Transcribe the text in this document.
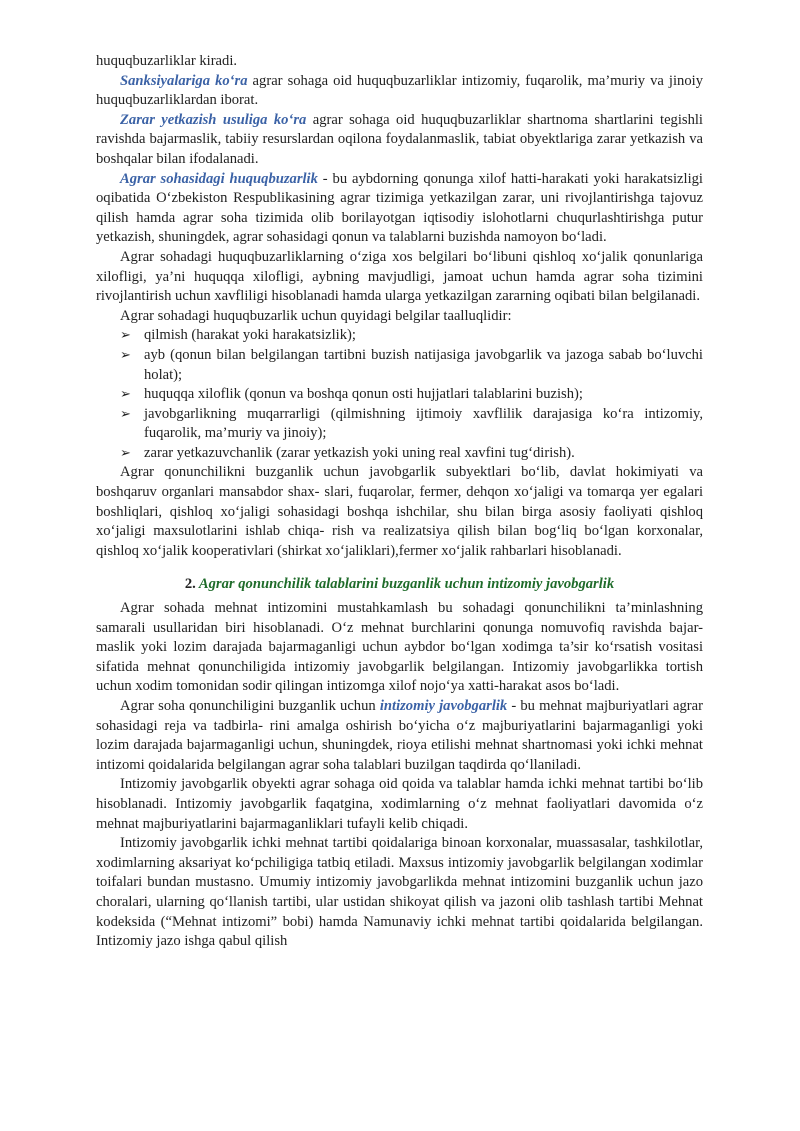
huquqbuzarliklar kiradi.

Sanksiyalariga ko‘ra agrar sohaga oid huquqbuzarliklar intizomiy, fuqarolik, ma’muriy va jinoiy huquqbuzarliklardan iborat.

Zarar yetkazish usuliga ko‘ra agrar sohaga oid huquqbuzarliklar shartnoma shartlarini tegishli ravishda bajarmaslik, tabiiy resurslardan oqilona foydalanmaslik, tabiat obyektlariga zarar yetkazish va boshqalar bilan ifodalanadi.

Agrar sohasidagi huquqbuzarlik - bu aybdorning qonunga xilof hatti-harakati yoki harakatsizligi oqibatida O‘zbekiston Respublikasining agrar tizimiga yetkazilgan zarar, uni rivojlantirishga tajovuz qilish hamda agrar soha tizimida olib borilayotgan iqtisodiy islohotlarni chuqurlashtirishga putur yetkazish, shuningdek, agrar sohasidagi qonun va talablarni buzishda namoyon bo‘ladi.

Agrar sohadagi huquqbuzarliklarning o‘ziga xos belgilari bo‘libuni qishloq xo‘jalik qonunlariga xilofligi, ya’ni huquqqa xilofligi, aybning mavjudligi, jamoat uchun hamda agrar soha tizimini rivojlantirish uchun xavfliligi hisoblanadi hamda ularga yetkazilgan zararning oqibati bilan belgilanadi.

Agrar sohadagi huquqbuzarlik uchun quyidagi belgilar taalluqlidir:

➢ qilmish (harakat yoki harakatsizlik);
➢ ayb (qonun bilan belgilangan tartibni buzish natijasiga javobgarlik va jazoga sabab bo‘luvchi holat);
➢ huquqqa xiloflik (qonun va boshqa qonun osti hujjatlari talablarini buzish);
➢ javobgarlikning muqarrarligi (qilmishning ijtimoiy xavflilik darajasiga ko‘ra intizomiy, fuqarolik, ma’muriy va jinoiy);
➢ zarar yetkazuvchanlik (zarar yetkazish yoki uning real xavfini tug‘dirish).

Agrar qonunchilikni buzganlik uchun javobgarlik subyektlari bo‘lib, davlat hokimiyati va boshqaruv organlari mansabdor shax- slari, fuqarolar, fermer, dehqon xo‘jaligi va tomarqa yer egalari boshliqlari, qishloq xo‘jaligi sohasidagi boshqa ishchilar, shu bilan birga asosiy faoliyati qishloq xo‘jaligi maxsulotlarini ishlab chiqa- rish va realizatsiya qilish bilan bog‘liq bo‘lgan korxonalar, qishloq xo‘jalik kooperativlari (shirkat xo‘jaliklari),fermer xo‘jalik rahbarlari hisoblanadi.

2. Agrar qonunchilik talablarini buzganlik uchun intizomiy javobgarlik

Agrar sohada mehnat intizomini mustahkamlash bu sohadagi qonunchilikni ta’minlashning samarali usullaridan biri hisoblanadi. O‘z mehnat burchlarini qonunga nomuvofiq ravishda bajar- maslik yoki lozim darajada bajarmaganligi uchun aybdor bo‘lgan xodimga ta’sir ko‘rsatish vositasi sifatida mehnat qonunchiligida intizomiy javobgarlik belgilangan. Intizomiy javobgarlikka tortish uchun xodim tomonidan sodir qilingan intizomga xilof nojo‘ya xatti-harakat asos bo‘ladi.

Agrar soha qonunchiligini buzganlik uchun intizomiy javobgarlik - bu mehnat majburiyatlari agrar sohasidagi reja va tadbirla- rini amalga oshirish bo‘yicha o‘z majburiyatlarini bajarmaganligi yoki lozim darajada bajarmaganligi uchun, shuningdek, rioya etilishi mehnat shartnomasi yoki ichki mehnat intizomi qoidalarida belgilangan agrar soha talablari buzilgan taqdirda qo‘llaniladi.

Intizomiy javobgarlik obyekti agrar sohaga oid qoida va talablar hamda ichki mehnat tartibi bo‘lib hisoblanadi. Intizomiy javobgarlik faqatgina, xodimlarning o‘z mehnat faoliyatlari davomida o‘z mehnat majburiyatlarini bajarmaganliklari tufayli kelib chiqadi.

Intizomiy javobgarlik ichki mehnat tartibi qoidalariga binoan korxonalar, muassasalar, tashkilotlar, xodimlarning aksariyat ko‘pchiligiga tatbiq etiladi. Maxsus intizomiy javobgarlik belgilangan xodimlar toifalari bundan mustasno. Umumiy intizomiy javobgarlikda mehnat intizomini buzganlik uchun jazo choralari, ularning qo‘llanish tartibi, ular ustidan shikoyat qilish va jazoni olib tashlash tartibi Mehnat kodeksida (“Mehnat intizomi” bobi) hamda Namunaviy ichki mehnat tartibi qoidalarida belgilangan. Intizomiy jazo ishga qabul qilish
